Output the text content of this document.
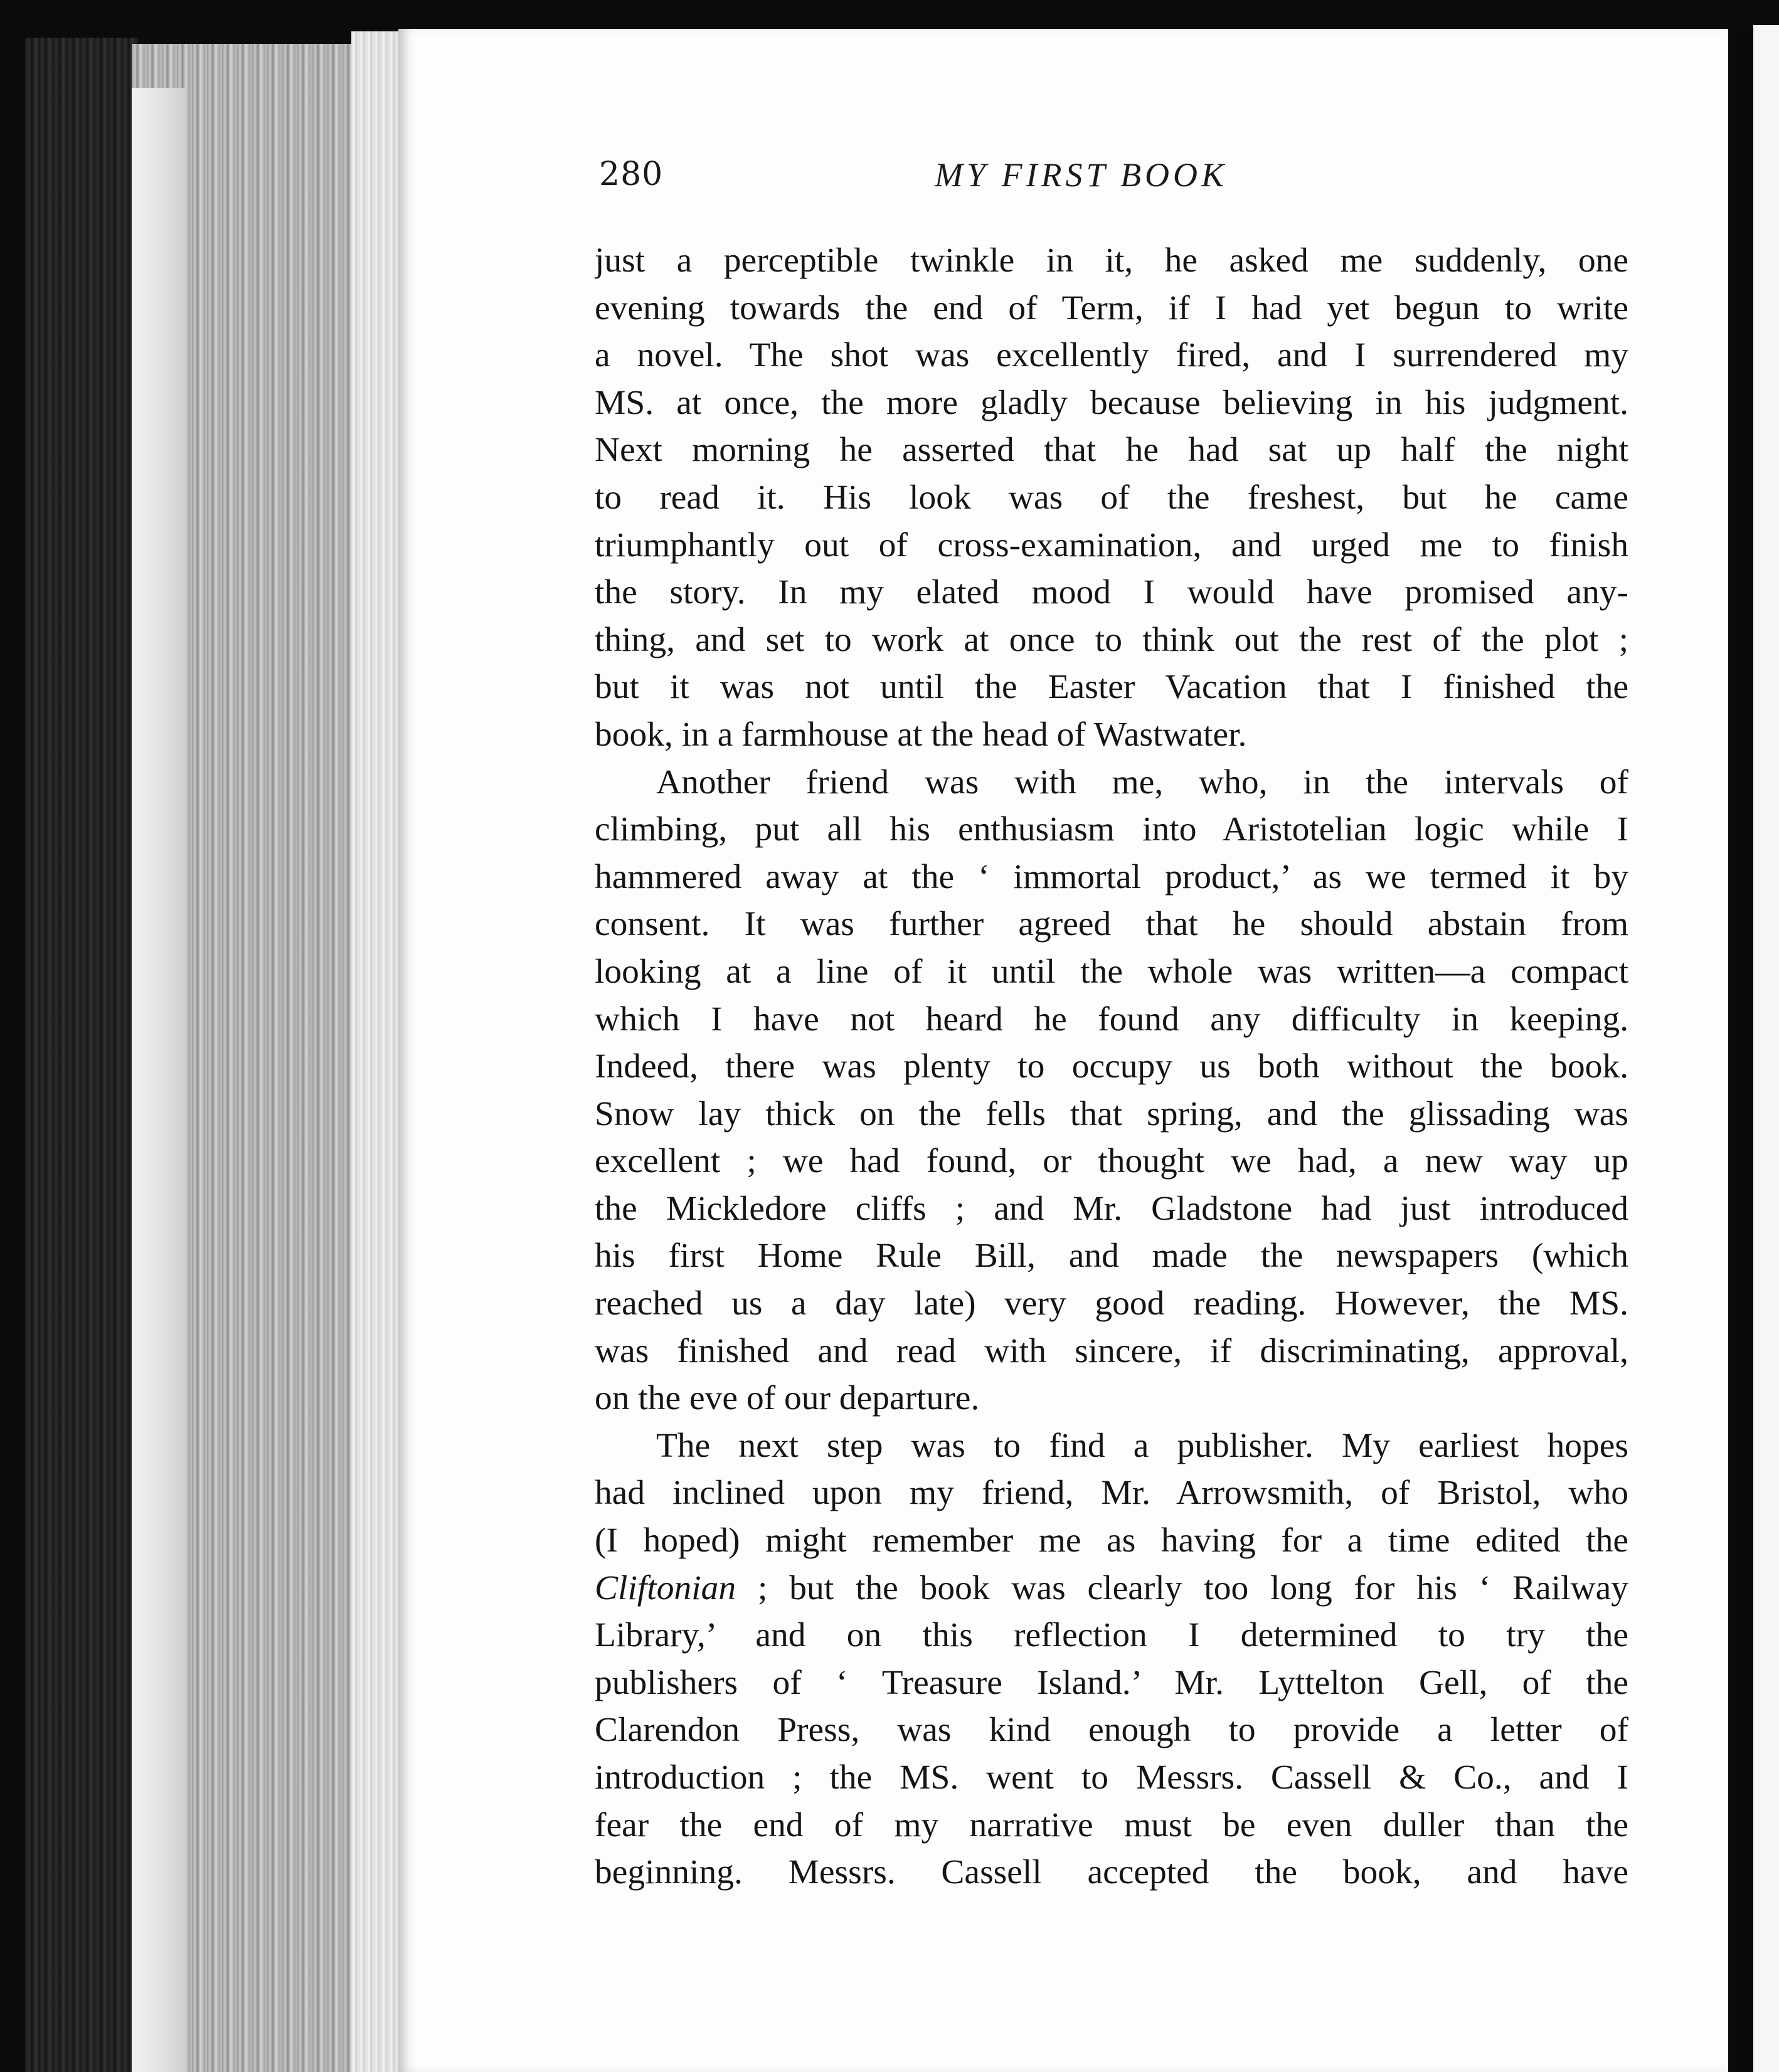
280	MY FIRST BOOK
just a perceptible twinkle in it, he asked me suddenly, one
evening towards the end of Term, if I had yet begun to write
a novel. The shot was excellently fired, and I surrendered my
MS. at once, the more gladly because believing in his judgment.
Next morning he asserted that he had sat up half the night
to read it. His look was of the freshest, but he came
triumphantly out of cross-examination, and urged me to finish
the story. In my elated mood I would have promised any-
thing, and set to work at once to think out the rest of the plot ;
but it was not until the Easter Vacation that I finished the
book, in a farmhouse at the head of Wastwater.
Another friend was with me, who, in the intervals of
climbing, put all his enthusiasm into Aristotelian logic while I
hammered away at the ‘ immortal product,’ as we termed it by
consent. It was further agreed that he should abstain from
looking at a line of it until the whole was written—a compact
which I have not heard he found any difficulty in keeping.
Indeed, there was plenty to occupy us both without the book.
Snow lay thick on the fells that spring, and the glissading was
excellent ; we had found, or thought we had, a new way up
the Mickledore cliffs ; and Mr. Gladstone had just introduced
his first Home Rule Bill, and made the newspapers (which
reached us a day late) very good reading. However, the MS.
was finished and read with sincere, if discriminating, approval,
on the eve of our departure.
The next step was to find a publisher. My earliest hopes
had inclined upon my friend, Mr. Arrowsmith, of Bristol, who
(I hoped) might remember me as having for a time edited the
Cliftonian ; but the book was clearly too long for his ‘ Railway
Library,’ and on this reflection I determined to try the
publishers of ‘ Treasure Island.’ Mr. Lyttelton Gell, of the
Clarendon Press, was kind enough to provide a letter of
introduction ; the MS. went to Messrs. Cassell & Co., and I
fear the end of my narrative must be even duller than the
beginning. Messrs. Cassell accepted the book, and have
